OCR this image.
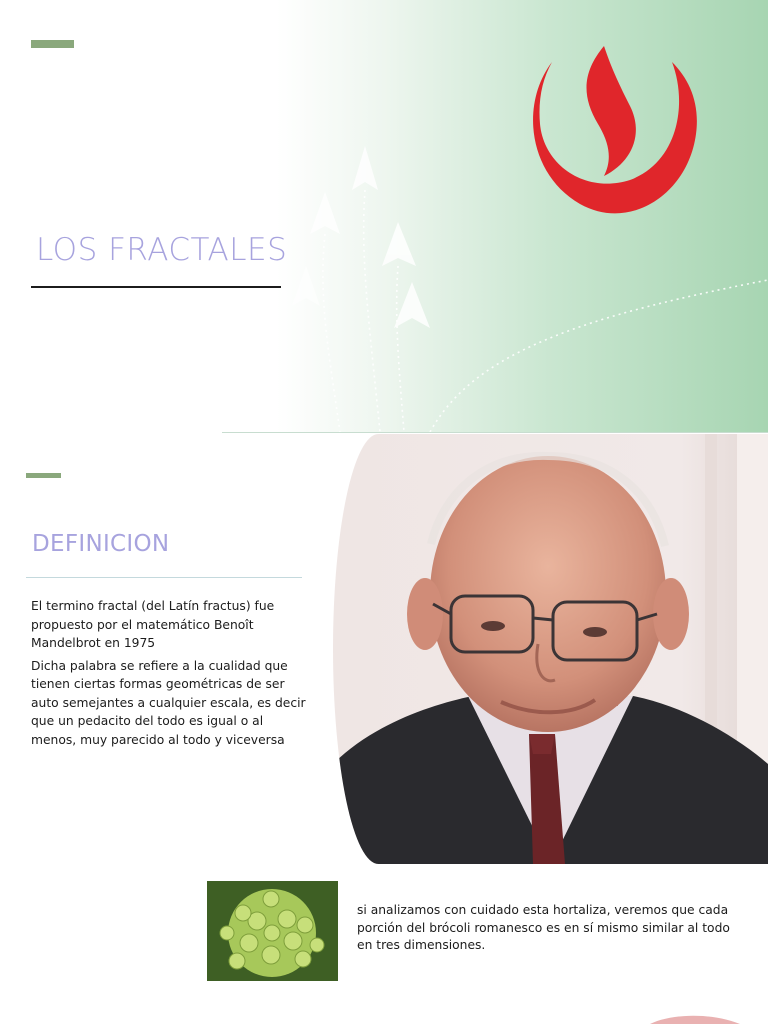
LOS FRACTALES
DEFINICION

El termino fractal (del Latín fractus) fue propuesto por el matemático Benoît Mandelbrot en 1975

Dicha palabra se refiere a la cualidad que tienen ciertas formas geométricas de ser auto semejantes a cualquier escala, es decir que un pedacito del todo es igual o al menos, muy parecido al todo y viceversa

si analizamos con cuidado esta hortaliza, veremos que cada porción del brócoli romanesco es en sí mismo similar al todo en tres dimensiones.
